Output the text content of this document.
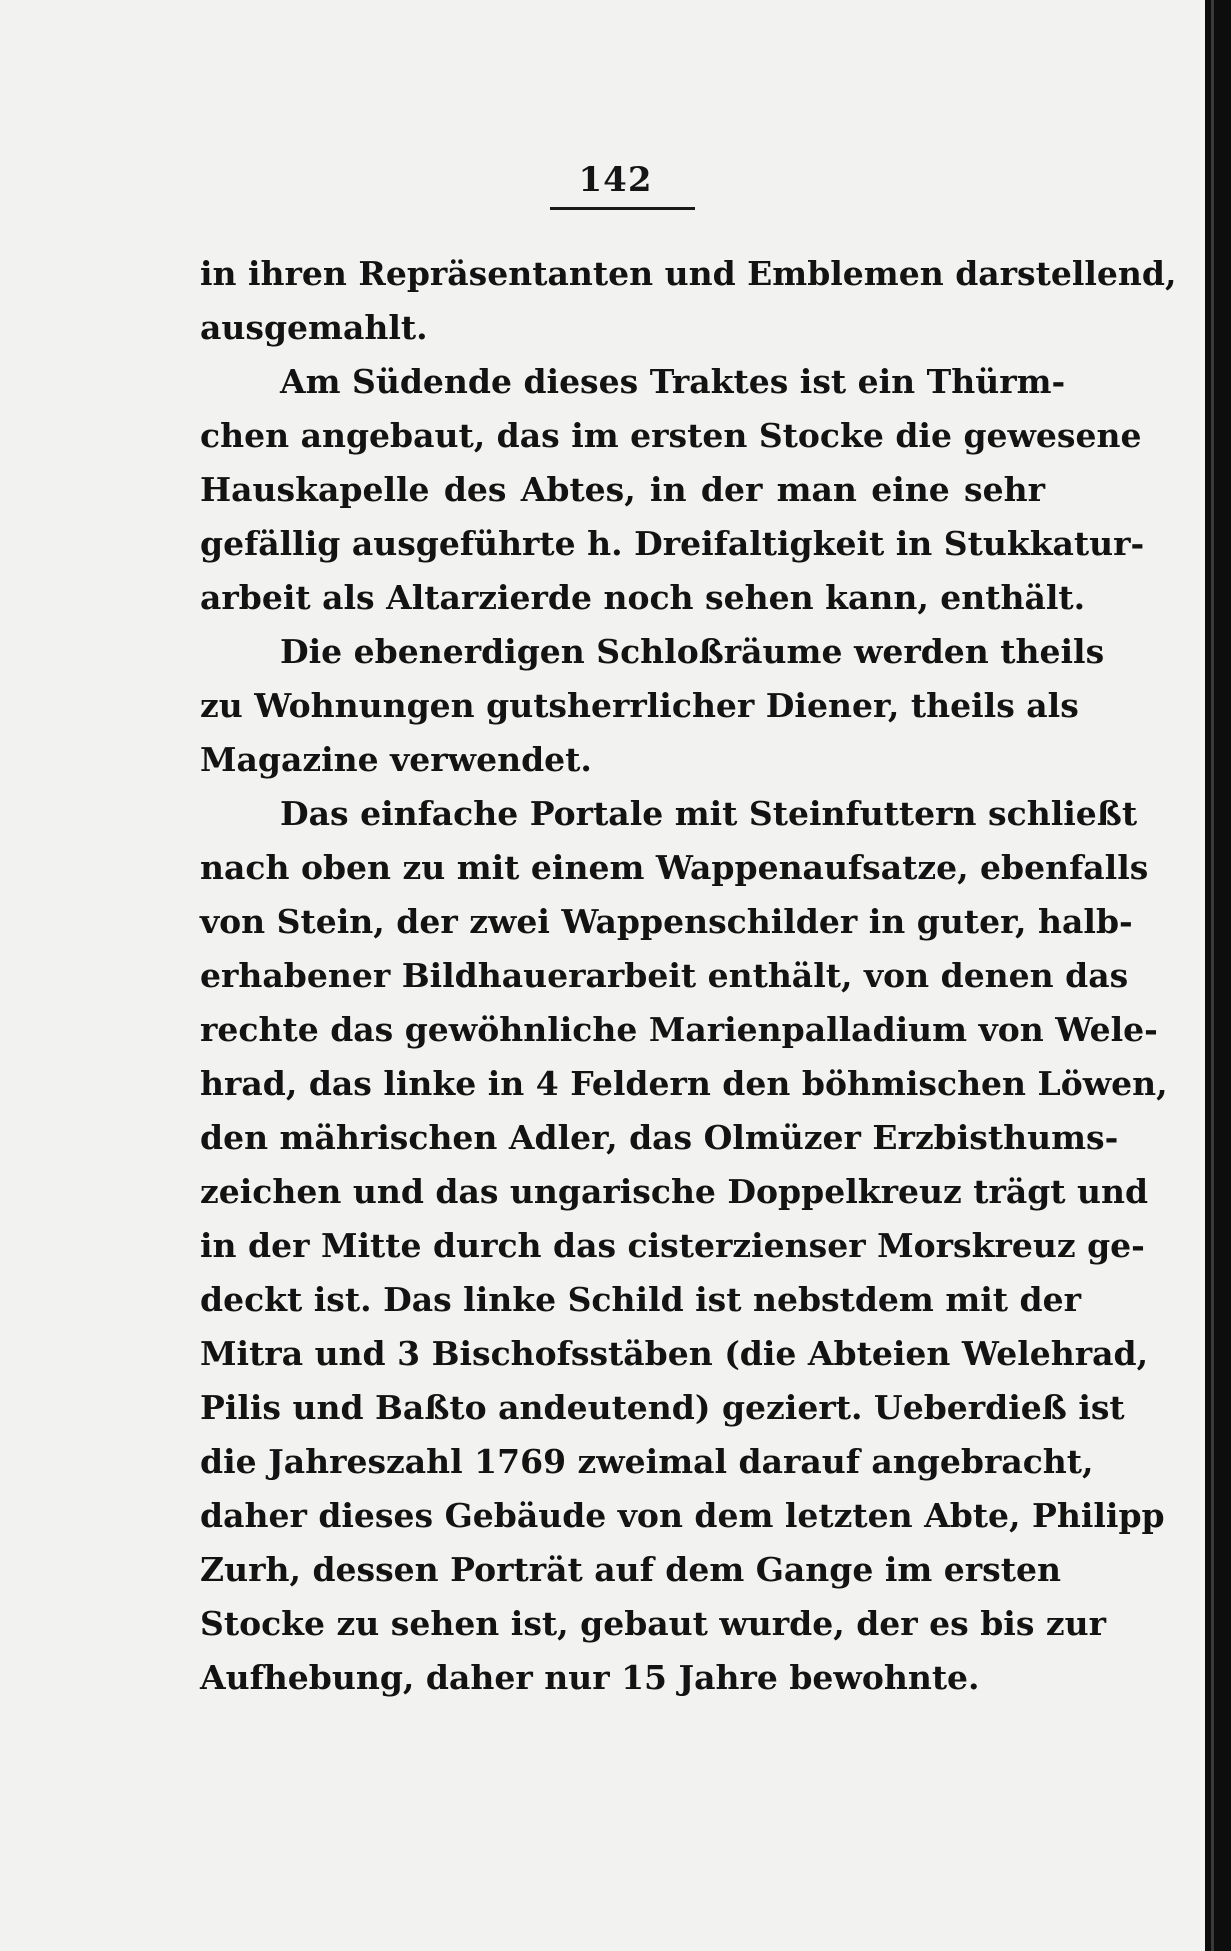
142
in ihren Repräsentanten und Emblemen darstellend,
ausgemahlt.
Am Südende dieses Traktes ist ein Thürm-
chen angebaut, das im ersten Stocke die gewesene
Hauskapelle des Abtes, in der man eine sehr
gefällig ausgeführte h. Dreifaltigkeit in Stukkatur-
arbeit als Altarzierde noch sehen kann, enthält.
Die ebenerdigen Schloßräume werden theils
zu Wohnungen gutsherrlicher Diener, theils als
Magazine verwendet.
Das einfache Portale mit Steinfuttern schließt
nach oben zu mit einem Wappenaufsatze, ebenfalls
von Stein, der zwei Wappenschilder in guter, halb-
erhabener Bildhauerarbeit enthält, von denen das
rechte das gewöhnliche Marienpalladium von Wele-
hrad, das linke in 4 Feldern den böhmischen Löwen,
den mährischen Adler, das Olmüzer Erzbisthums-
zeichen und das ungarische Doppelkreuz trägt und
in der Mitte durch das cisterzienser Morskreuz ge-
deckt ist. Das linke Schild ist nebstdem mit der
Mitra und 3 Bischofsstäben (die Abteien Welehrad,
Pilis und Baßto andeutend) geziert. Ueberdieß ist
die Jahreszahl 1769 zweimal darauf angebracht,
daher dieses Gebäude von dem letzten Abte, Philipp
Zurh, dessen Porträt auf dem Gange im ersten
Stocke zu sehen ist, gebaut wurde, der es bis zur
Aufhebung, daher nur 15 Jahre bewohnte.
